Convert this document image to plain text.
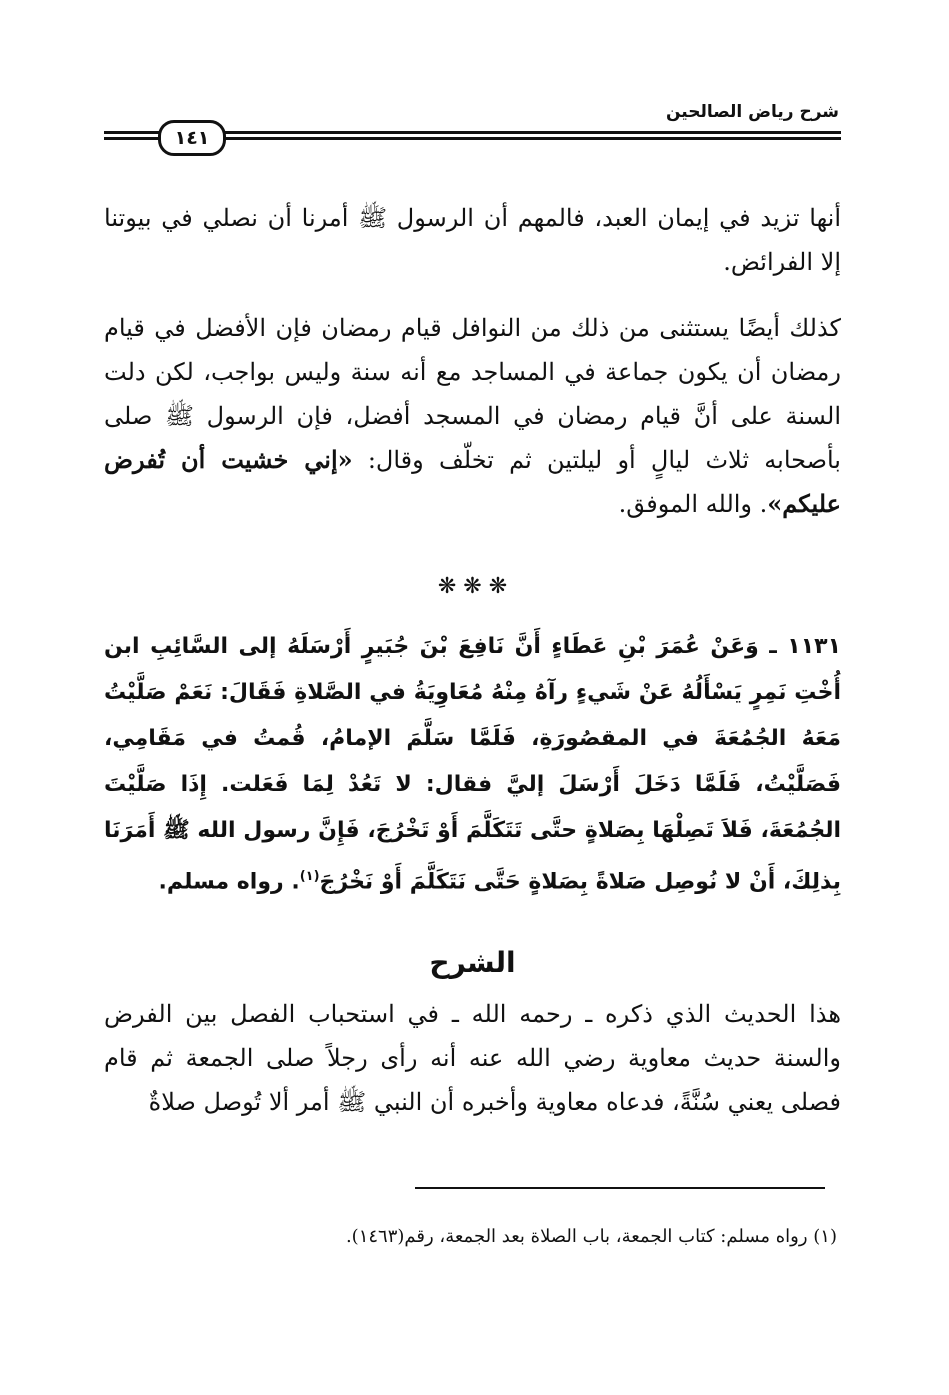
شرح رياض الصالحين
١٤١
أنها تزيد في إيمان العبد، فالمهم أن الرسول ﷺ أمرنا أن نصلي في بيوتنا إلا الفرائض.
كذلك أيضًا يستثنى من ذلك من النوافل قيام رمضان فإن الأفضل في قيام رمضان أن يكون جماعة في المساجد مع أنه سنة وليس بواجب، لكن دلت السنة على أنَّ قيام رمضان في المسجد أفضل، فإن الرسول ﷺ صلى بأصحابه ثلاث ليالٍ أو ليلتين ثم تخلّف وقال: «إني خشيت أن تُفرض عليكم». والله الموفق.
❋ ❋ ❋
١١٣١ ـ وَعَنْ عُمَرَ بْنِ عَطَاءٍ أَنَّ نَافِعَ بْنَ جُبَيرٍ أَرْسَلَهُ إلى السَّائِبِ ابن أُخْتِ نَمِرٍ يَسْأَلُهُ عَنْ شَيءٍ رآهُ مِنْهُ مُعَاوِيَةُ في الصَّلاةِ فَقَالَ: نَعَمْ صَلَّيْتُ مَعَهُ الجُمُعَةَ في المقصُورَةِ، فَلَمَّا سَلَّمَ الإمامُ، قُمتُ في مَقَامِي، فَصَلَّيْتُ، فَلَمَّا دَخَلَ أَرْسَلَ إليَّ فقال: لا تَعُدْ لِمَا فَعَلت. إِذَا صَلَّيْتَ الجُمُعَةَ، فَلاَ تَصِلْهَا بِصَلاةٍ حتَّى تَتَكَلَّمَ أَوْ تَخْرُجَ، فَإِنَّ رسول الله ﷺ أَمَرَنَا بِذلِكَ، أَنْ لا نُوصِل صَلاةً بِصَلاةٍ حَتَّى نَتَكَلَّمَ أَوْ نَخْرُجَ$^{(١)}$. رواه مسلم.
الشرح
هذا الحديث الذي ذكره ـ رحمه الله ـ في استحباب الفصل بين الفرض والسنة حديث معاوية رضي الله عنه أنه رأى رجلاً صلى الجمعة ثم قام فصلى يعني سُنَّةً، فدعاه معاوية وأخبره أن النبي ﷺ أمر ألا تُوصل صلاةٌ
(١) رواه مسلم: كتاب الجمعة، باب الصلاة بعد الجمعة، رقم(١٤٦٣).
